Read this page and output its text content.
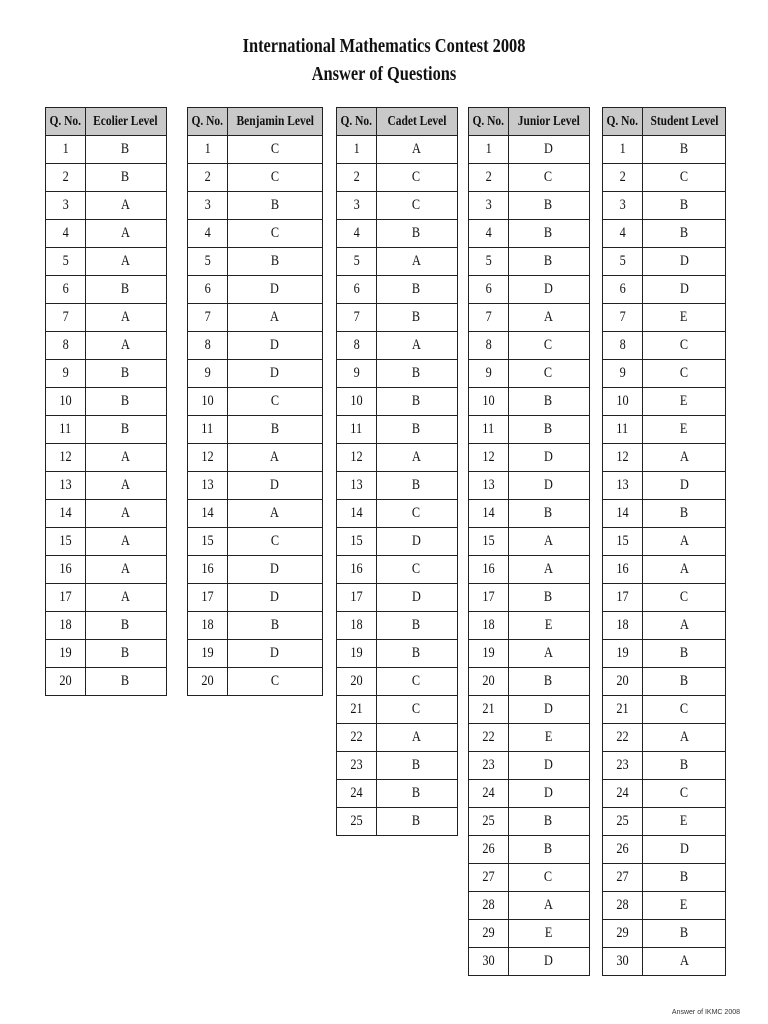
International Mathematics Contest 2008
Answer of Questions
Q. No.	Ecolier Level
1	B
2	B
3	A
4	A
5	A
6	B
7	A
8	A
9	B
10	B
11	B
12	A
13	A
14	A
15	A
16	A
17	A
18	B
19	B
20	B
Q. No.	Benjamin Level
1	C
2	C
3	B
4	C
5	B
6	D
7	A
8	D
9	D
10	C
11	B
12	A
13	D
14	A
15	C
16	D
17	D
18	B
19	D
20	C
Q. No.	Cadet Level
1	A
2	C
3	C
4	B
5	A
6	B
7	B
8	A
9	B
10	B
11	B
12	A
13	B
14	C
15	D
16	C
17	D
18	B
19	B
20	C
21	C
22	A
23	B
24	B
25	B
Q. No.	Junior Level
1	D
2	C
3	B
4	B
5	B
6	D
7	A
8	C
9	C
10	B
11	B
12	D
13	D
14	B
15	A
16	A
17	B
18	E
19	A
20	B
21	D
22	E
23	D
24	D
25	B
26	B
27	C
28	A
29	E
30	D
Q. No.	Student Level
1	B
2	C
3	B
4	B
5	D
6	D
7	E
8	C
9	C
10	E
11	E
12	A
13	D
14	B
15	A
16	A
17	C
18	A
19	B
20	B
21	C
22	A
23	B
24	C
25	E
26	D
27	B
28	E
29	B
30	A
Answer of IKMC 2008
